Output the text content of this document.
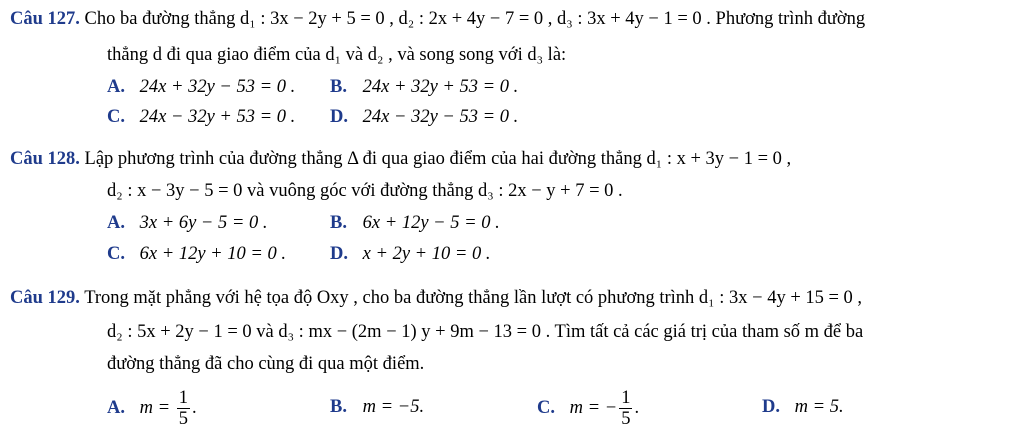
Câu 127. Cho ba đường thẳng d₁ : 3x − 2y + 5 = 0 , d₂ : 2x + 4y − 7 = 0 , d₃ : 3x + 4y − 1 = 0 . Phương trình đường
thẳng d đi qua giao điểm của d₁ và d₂ , và song song với d₃ là:
A. 24x + 32y − 53 = 0 . B. 24x + 32y + 53 = 0 .
C. 24x − 32y + 53 = 0 . D. 24x − 32y − 53 = 0 .
Câu 128. Lập phương trình của đường thẳng Δ đi qua giao điểm của hai đường thẳng d₁ : x + 3y − 1 = 0 ,
d₂ : x − 3y − 5 = 0 và vuông góc với đường thẳng d₃ : 2x − y + 7 = 0 .
A. 3x + 6y − 5 = 0 .	B. 6x + 12y − 5 = 0 .
C. 6x + 12y + 10 = 0 . D. x + 2y + 10 = 0 .
Câu 129. Trong mặt phẳng với hệ tọa độ Oxy , cho ba đường thẳng lần lượt có phương trình d₁ : 3x − 4y + 15 = 0 ,
d₂ : 5x + 2y − 1 = 0 và d₃ : mx − (2m − 1) y + 9m − 13 = 0 . Tìm tất cả các giá trị của tham số m để ba
đường thẳng đã cho cùng đi qua một điểm.
A. $m = \frac{1}{5}$ .	B. m = −5.	C. m = − $\frac{1}{5}$ .	D. m = 5.
